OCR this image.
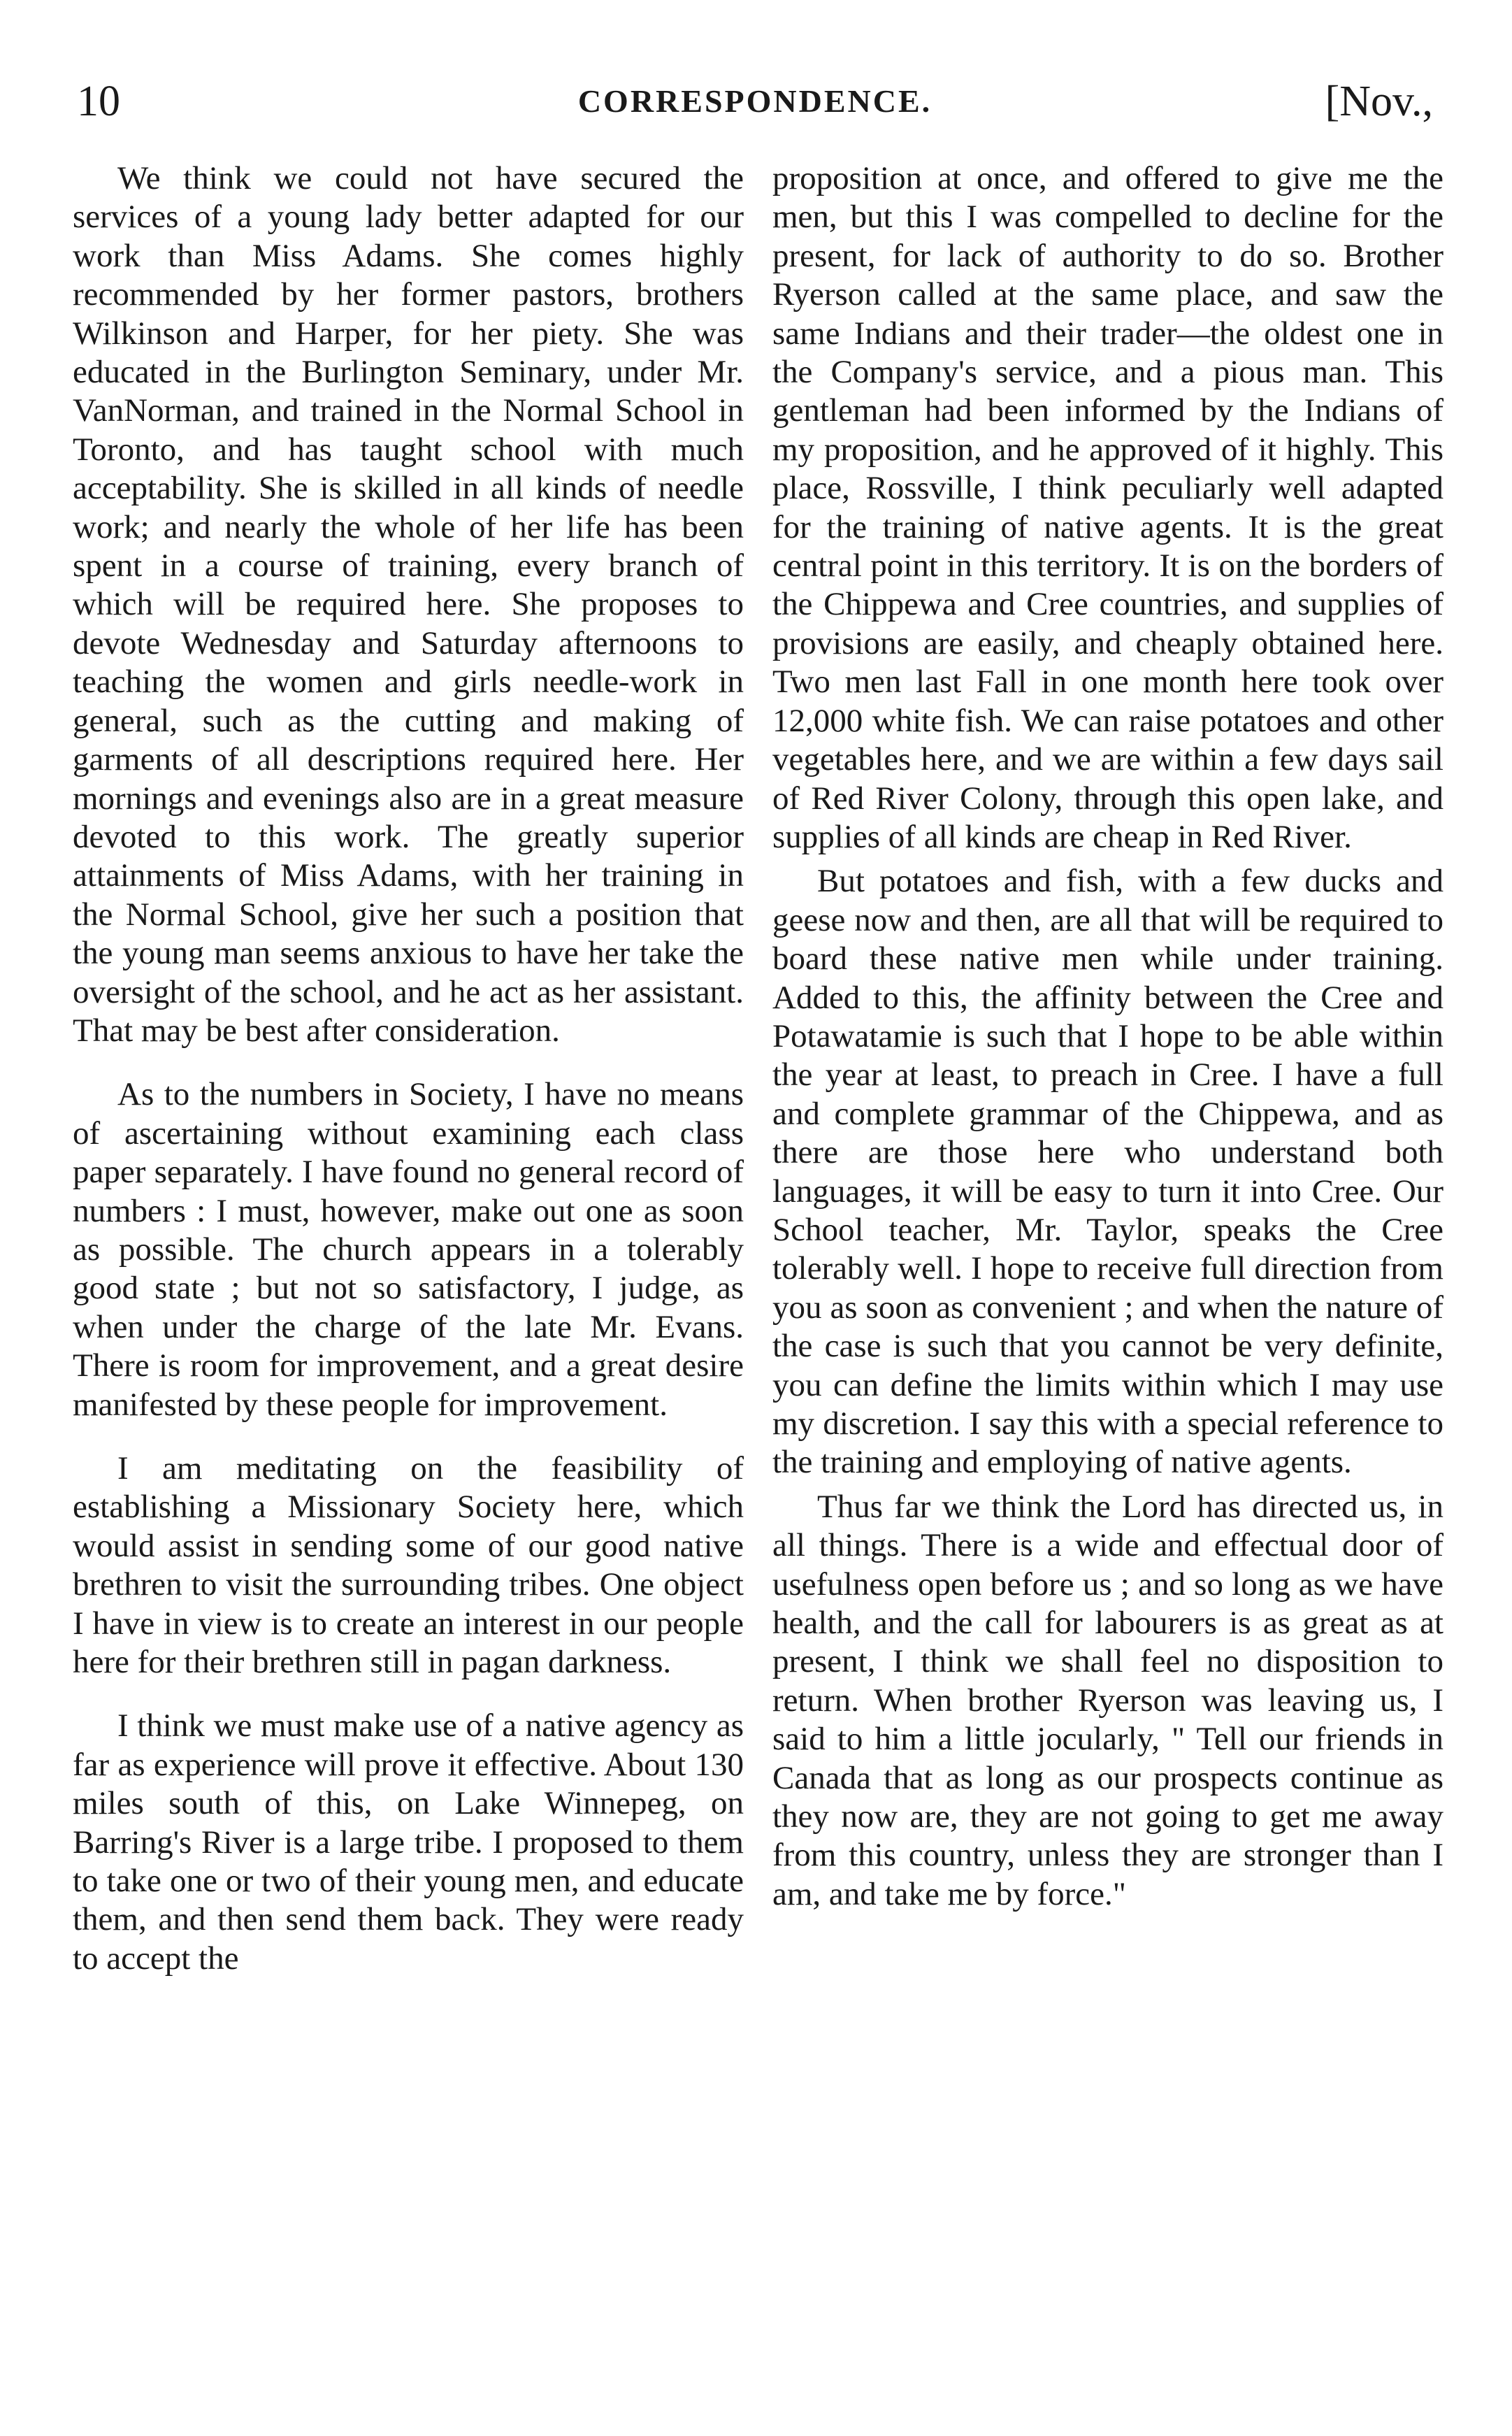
10	CORRESPONDENCE.	[Nov.,

We think we could not have secured the services of a young lady better adapted for our work than Miss Adams. She comes highly recommended by her former pastors, brothers Wilkinson and Harper, for her piety. She was educated in the Burlington Seminary, under Mr. VanNorman, and trained in the Normal School in Toronto, and has taught school with much acceptability. She is skilled in all kinds of needle work; and nearly the whole of her life has been spent in a course of training, every branch of which will be required here. She proposes to devote Wednesday and Saturday afternoons to teaching the women and girls needle-work in general, such as the cutting and making of garments of all descriptions required here. Her mornings and evenings also are in a great measure devoted to this work. The greatly superior attainments of Miss Adams, with her training in the Normal School, give her such a position that the young man seems anxious to have her take the oversight of the school, and he act as her assistant. That may be best after consideration.

As to the numbers in Society, I have no means of ascertaining without examining each class paper separately. I have found no general record of numbers : I must, however, make out one as soon as possible. The church appears in a tolerably good state ; but not so satisfactory, I judge, as when under the charge of the late Mr. Evans. There is room for improvement, and a great desire manifested by these people for improvement.

I am meditating on the feasibility of establishing a Missionary Society here, which would assist in sending some of our good native brethren to visit the surrounding tribes. One object I have in view is to create an interest in our people here for their brethren still in pagan darkness.

I think we must make use of a native agency as far as experience will prove it effective. About 130 miles south of this, on Lake Winnepeg, on Barring's River is a large tribe. I proposed to them to take one or two of their young men, and educate them, and then send them back. They were ready to accept the

proposition at once, and offered to give me the men, but this I was compelled to decline for the present, for lack of authority to do so. Brother Ryerson called at the same place, and saw the same Indians and their trader—the oldest one in the Company's service, and a pious man. This gentleman had been informed by the Indians of my proposition, and he approved of it highly. This place, Rossville, I think peculiarly well adapted for the training of native agents. It is the great central point in this territory. It is on the borders of the Chippewa and Cree countries, and supplies of provisions are easily, and cheaply obtained here. Two men last Fall in one month here took over 12,000 white fish. We can raise potatoes and other vegetables here, and we are within a few days sail of Red River Colony, through this open lake, and supplies of all kinds are cheap in Red River.

But potatoes and fish, with a few ducks and geese now and then, are all that will be required to board these native men while under training. Added to this, the affinity between the Cree and Potawatamie is such that I hope to be able within the year at least, to preach in Cree. I have a full and complete grammar of the Chippewa, and as there are those here who understand both languages, it will be easy to turn it into Cree. Our School teacher, Mr. Taylor, speaks the Cree tolerably well. I hope to receive full direction from you as soon as convenient ; and when the nature of the case is such that you cannot be very definite, you can define the limits within which I may use my discretion. I say this with a special reference to the training and employing of native agents.

Thus far we think the Lord has directed us, in all things. There is a wide and effectual door of usefulness open before us ; and so long as we have health, and the call for labourers is as great as at present, I think we shall feel no disposition to return. When brother Ryerson was leaving us, I said to him a little jocularly, " Tell our friends in Canada that as long as our prospects continue as they now are, they are not going to get me away from this country, unless they are stronger than I am, and take me by force."
